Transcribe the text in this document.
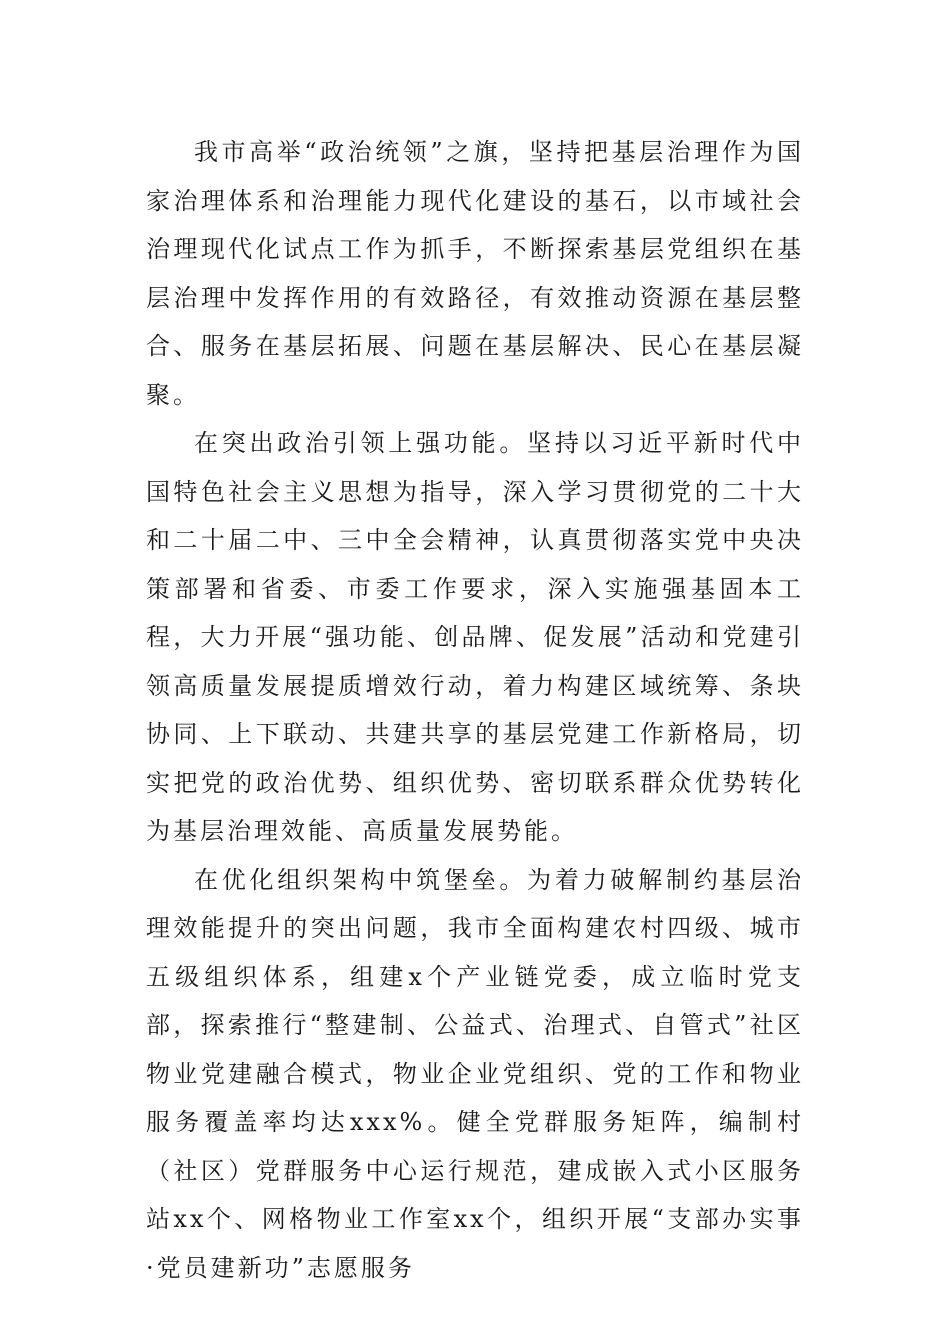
我市高举“政治统领”之旗，坚持把基层治理作为国家治理体系和治理能力现代化建设的基石，以市域社会治理现代化试点工作为抓手，不断探索基层党组织在基层治理中发挥作用的有效路径，有效推动资源在基层整合、服务在基层拓展、问题在基层解决、民心在基层凝聚。

在突出政治引领上强功能。坚持以习近平新时代中国特色社会主义思想为指导，深入学习贯彻党的二十大和二十届二中、三中全会精神，认真贯彻落实党中央决策部署和省委、市委工作要求，深入实施强基固本工程，大力开展“强功能、创品牌、促发展”活动和党建引领高质量发展提质增效行动，着力构建区域统筹、条块协同、上下联动、共建共享的基层党建工作新格局，切实把党的政治优势、组织优势、密切联系群众优势转化为基层治理效能、高质量发展势能。

在优化组织架构中筑堡垒。为着力破解制约基层治理效能提升的突出问题，我市全面构建农村四级、城市五级组织体系，组建x个产业链党委，成立临时党支部，探索推行“整建制、公益式、治理式、自管式”社区物业党建融合模式，物业企业党组织、党的工作和物业服务覆盖率均达xxx%。健全党群服务矩阵，编制村（社区）党群服务中心运行规范，建成嵌入式小区服务站xx个、网格物业工作室xx个，组织开展“支部办实事·党员建新功”志愿服务
